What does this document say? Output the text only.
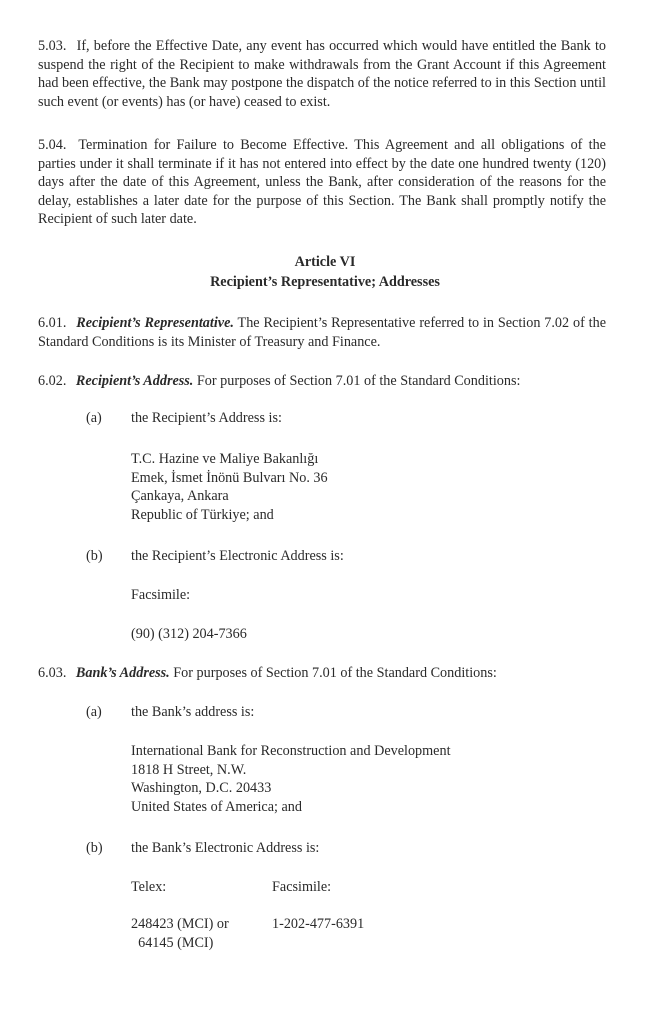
5.03. If, before the Effective Date, any event has occurred which would have entitled the Bank to suspend the right of the Recipient to make withdrawals from the Grant Account if this Agreement had been effective, the Bank may postpone the dispatch of the notice referred to in this Section until such event (or events) has (or have) ceased to exist.
5.04. Termination for Failure to Become Effective. This Agreement and all obligations of the parties under it shall terminate if it has not entered into effect by the date one hundred twenty (120) days after the date of this Agreement, unless the Bank, after consideration of the reasons for the delay, establishes a later date for the purpose of this Section. The Bank shall promptly notify the Recipient of such later date.
Article VI
Recipient’s Representative; Addresses
6.01. Recipient’s Representative. The Recipient’s Representative referred to in Section 7.02 of the Standard Conditions is its Minister of Treasury and Finance.
6.02. Recipient’s Address. For purposes of Section 7.01 of the Standard Conditions:
(a) the Recipient’s Address is:
T.C. Hazine ve Maliye Bakanlığı
Emek, İsmet İnönü Bulvarı No. 36
Çankaya, Ankara
Republic of Türkiye; and
(b) the Recipient’s Electronic Address is:
Facsimile:
(90) (312) 204-7366
6.03. Bank’s Address. For purposes of Section 7.01 of the Standard Conditions:
(a) the Bank’s address is:
International Bank for Reconstruction and Development
1818 H Street, N.W.
Washington, D.C. 20433
United States of America; and
(b) the Bank’s Electronic Address is:
Telex:	Facsimile:
248423 (MCI) or
64145 (MCI)
1-202-477-6391
